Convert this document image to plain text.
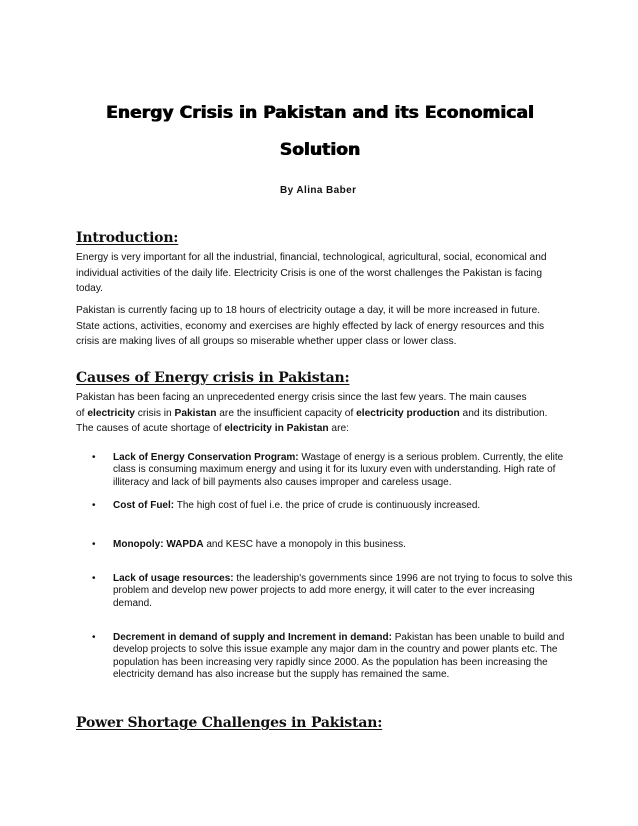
Energy Crisis in Pakistan and its Economical
Solution
By Alina Baber
Introduction:

Energy is very important for all the industrial, financial, technological, agricultural, social, economical and
individual activities of the daily life. Electricity Crisis is one of the worst challenges the Pakistan is facing
today.

Pakistan is currently facing up to 18 hours of electricity outage a day, it will be more increased in future.
State actions, activities, economy and exercises are highly effected by lack of energy resources and this
crisis are making lives of all groups so miserable whether upper class or lower class.

Causes of Energy crisis in Pakistan:

Pakistan has been facing an unprecedented energy crisis since the last few years. The main causes
of electricity crisis in Pakistan are the insufficient capacity of electricity production and its distribution.
The causes of acute shortage of electricity in Pakistan are:

• Lack of Energy Conservation Program: Wastage of energy is a serious problem. Currently, the elite class is consuming maximum energy and using it for its luxury even with understanding. High rate of illiteracy and lack of bill payments also causes improper and careless usage.
• Cost of Fuel: The high cost of fuel i.e. the price of crude is continuously increased.
• Monopoly: WAPDA and KESC have a monopoly in this business.
• Lack of usage resources: the leadership's governments since 1996 are not trying to focus to solve this problem and develop new power projects to add more energy, it will cater to the ever increasing demand.
• Decrement in demand of supply and Increment in demand: Pakistan has been unable to build and develop projects to solve this issue example any major dam in the country and power plants etc. The population has been increasing very rapidly since 2000. As the population has been increasing the electricity demand has also increase but the supply has remained the same.
Power Shortage Challenges in Pakistan:
